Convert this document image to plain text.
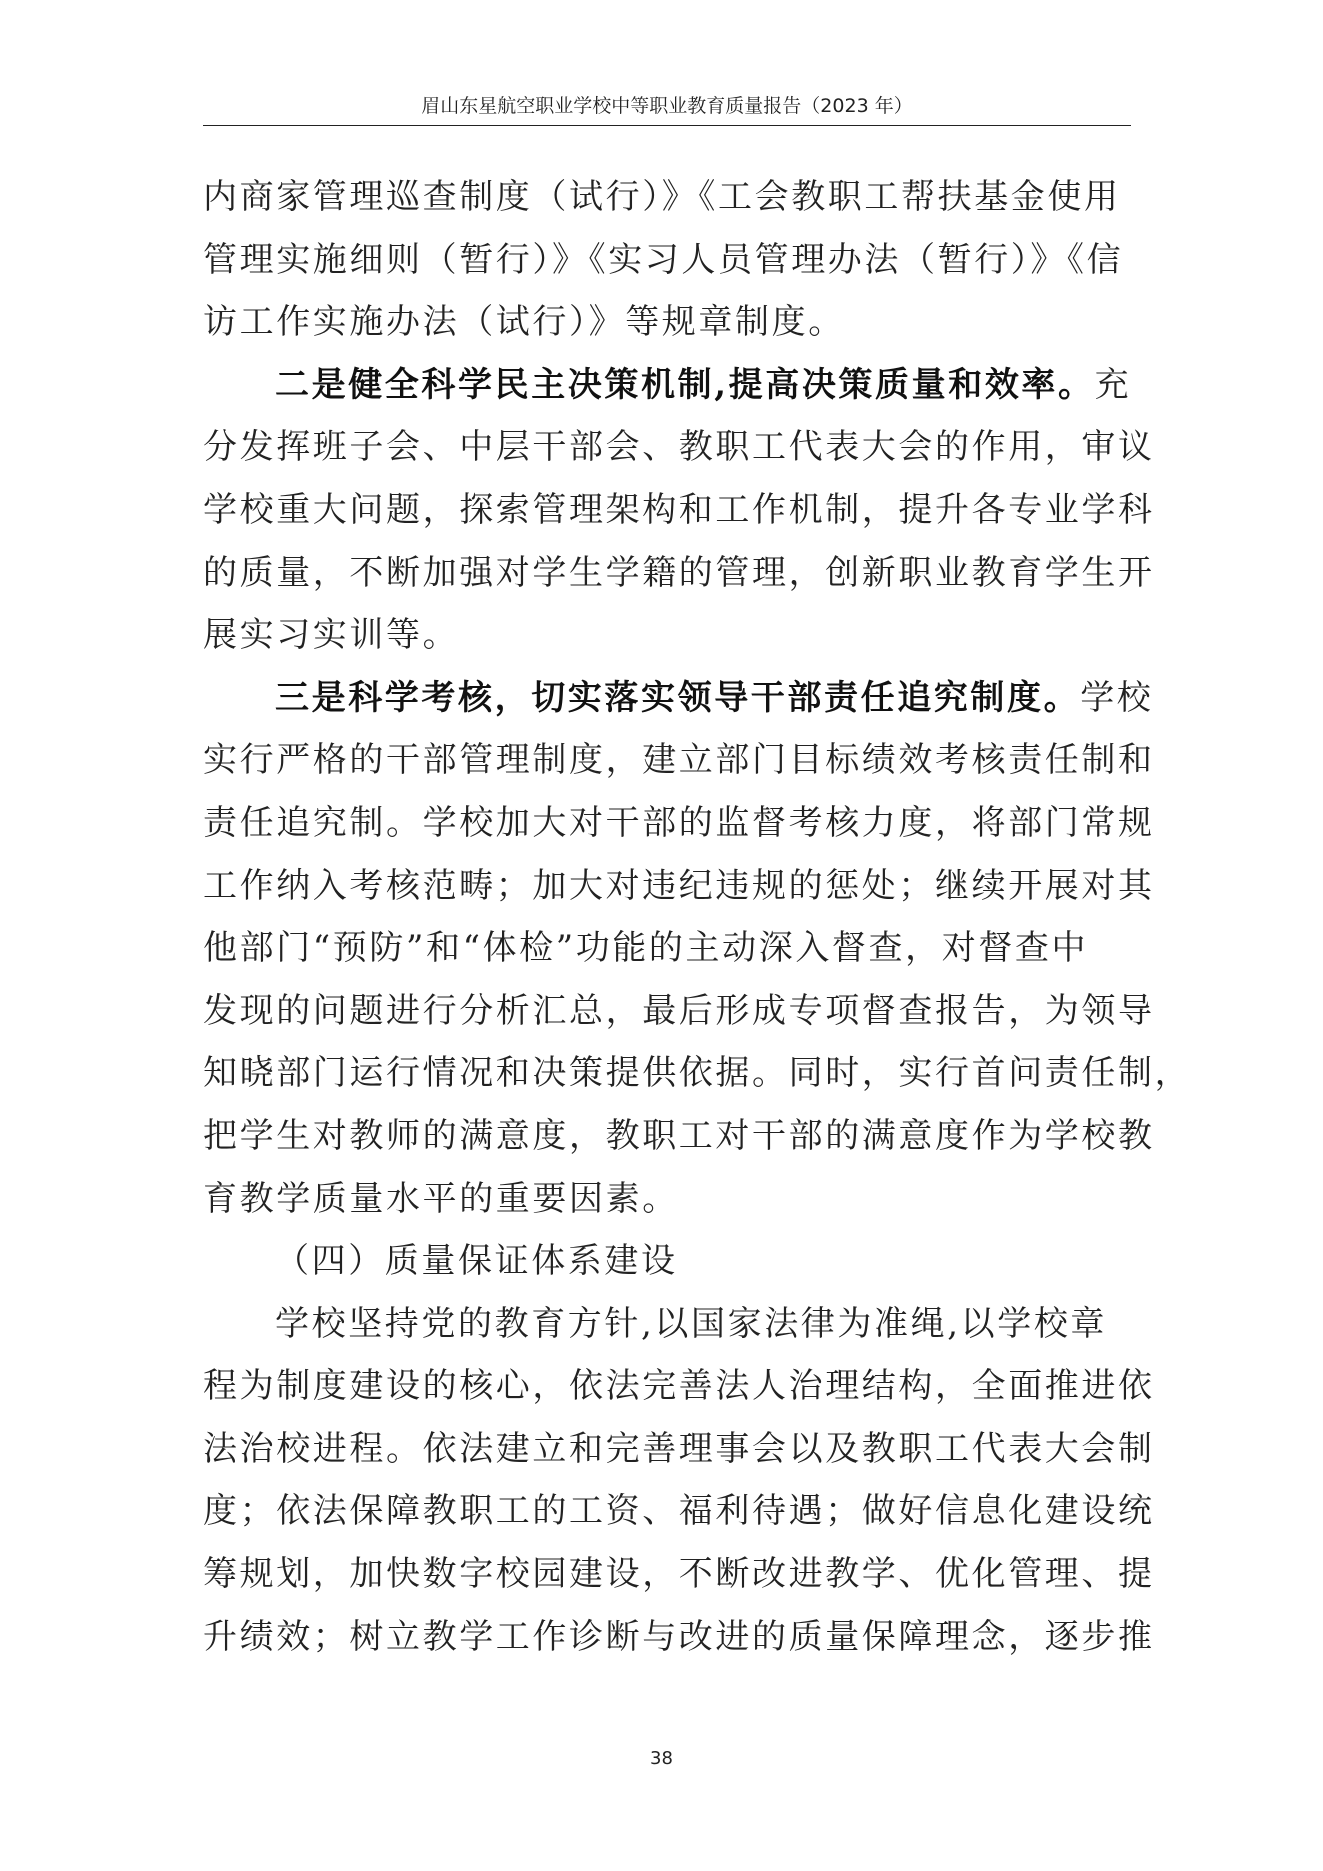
眉山东星航空职业学校中等职业教育质量报告（2023 年）
内商家管理巡查制度（试行）》《工会教职工帮扶基金使用
管理实施细则（暂行）》《实习人员管理办法（暂行）》《信
访工作实施办法（试行）》等规章制度。
二是健全科学民主决策机制,提高决策质量和效率。充
分发挥班子会、中层干部会、教职工代表大会的作用，审议
学校重大问题，探索管理架构和工作机制，提升各专业学科
的质量，不断加强对学生学籍的管理，创新职业教育学生开
展实习实训等。
三是科学考核，切实落实领导干部责任追究制度。学校
实行严格的干部管理制度，建立部门目标绩效考核责任制和
责任追究制。学校加大对干部的监督考核力度，将部门常规
工作纳入考核范畴；加大对违纪违规的惩处；继续开展对其
他部门“预防”和“体检”功能的主动深入督查，对督查中
发现的问题进行分析汇总，最后形成专项督查报告，为领导
知晓部门运行情况和决策提供依据。同时，实行首问责任制，
把学生对教师的满意度，教职工对干部的满意度作为学校教
育教学质量水平的重要因素。
（四）质量保证体系建设
学校坚持党的教育方针,以国家法律为准绳,以学校章
程为制度建设的核心，依法完善法人治理结构，全面推进依
法治校进程。依法建立和完善理事会以及教职工代表大会制
度；依法保障教职工的工资、福利待遇；做好信息化建设统
筹规划，加快数字校园建设，不断改进教学、优化管理、提
升绩效；树立教学工作诊断与改进的质量保障理念，逐步推
38
